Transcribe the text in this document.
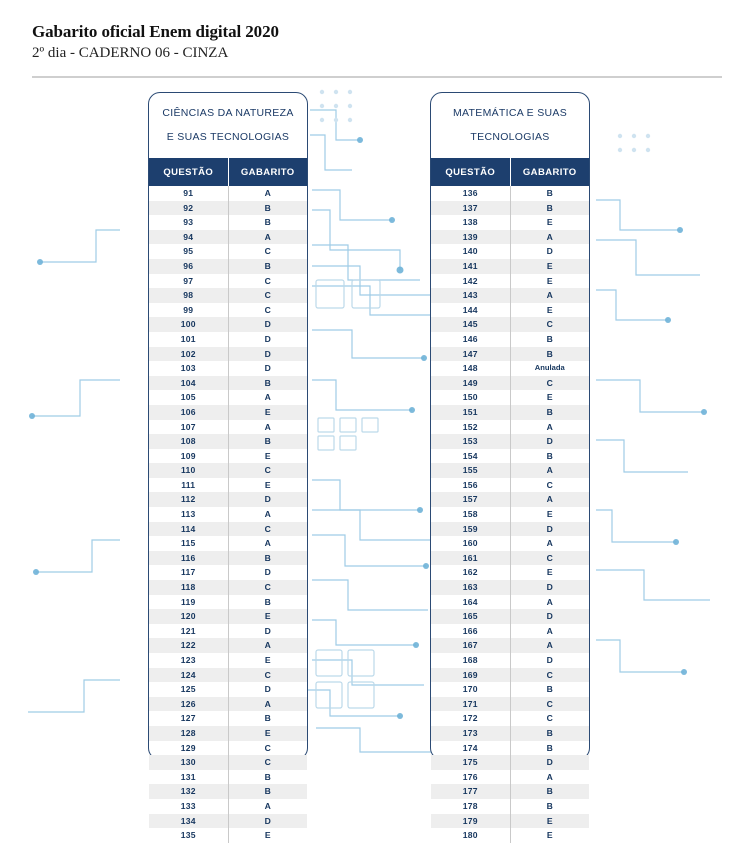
Gabarito oficial Enem digital 2020
2º dia - CADERNO 06 - CINZA
CIÊNCIAS DA NATUREZA
E SUAS TECNOLOGIAS
QUESTÃO	GABARITO
91	A
92	B
93	B
94	A
95	C
96	B
97	C
98	C
99	C
100	D
101	D
102	D
103	D
104	B
105	A
106	E
107	A
108	B
109	E
110	C
111	E
112	D
113	A
114	C
115	A
116	B
117	D
118	C
119	B
120	E
121	D
122	A
123	E
124	C
125	D
126	A
127	B
128	E
129	C
130	C
131	B
132	B
133	A
134	D
135	E
MATEMÁTICA E SUAS
TECNOLOGIAS
QUESTÃO	GABARITO
136	B
137	B
138	E
139	A
140	D
141	E
142	E
143	A
144	E
145	C
146	B
147	B
148	Anulada
149	C
150	E
151	B
152	A
153	D
154	B
155	A
156	C
157	A
158	E
159	D
160	A
161	C
162	E
163	D
164	A
165	D
166	A
167	A
168	D
169	C
170	B
171	C
172	C
173	B
174	B
175	D
176	A
177	B
178	B
179	E
180	E
